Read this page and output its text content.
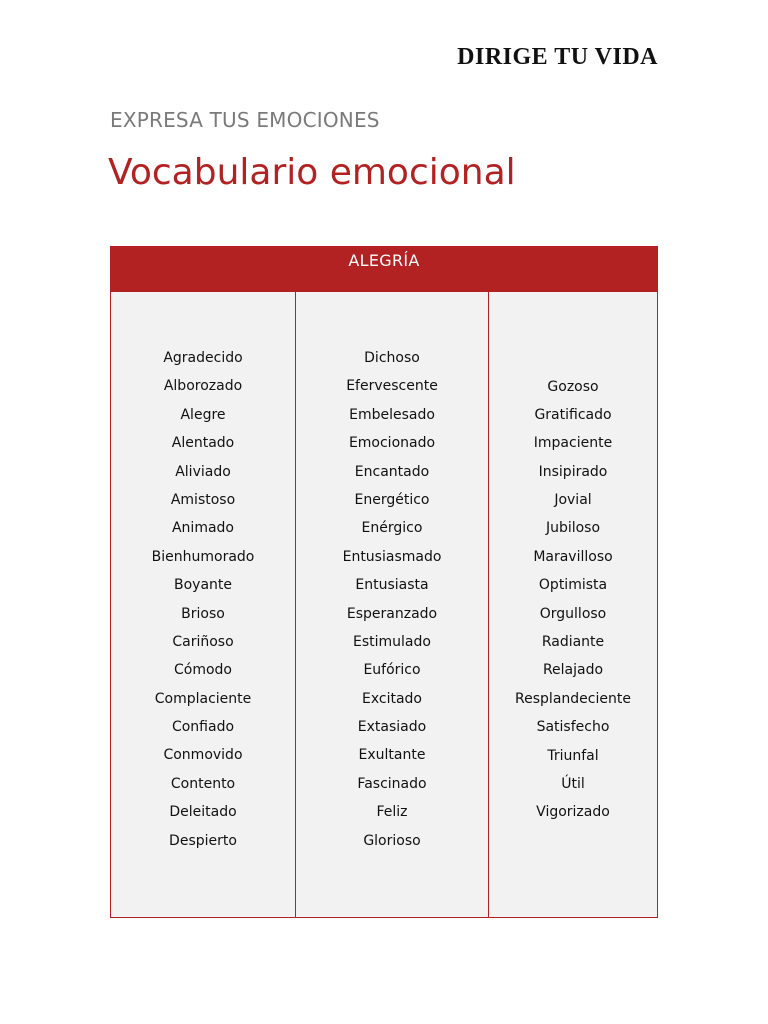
DIRIGE TU VIDA
EXPRESA TUS EMOCIONES
Vocabulario emocional
ALEGRÍA
Agradecido
Alborozado
Alegre
Alentado
Aliviado
Amistoso
Animado
Bienhumorado
Boyante
Brioso
Cariñoso
Cómodo
Complaciente
Confiado
Conmovido
Contento
Deleitado
Despierto
Dichoso
Efervescente
Embelesado
Emocionado
Encantado
Energético
Enérgico
Entusiasmado
Entusiasta
Esperanzado
Estimulado
Eufórico
Excitado
Extasiado
Exultante
Fascinado
Feliz
Glorioso
Gozoso
Gratificado
Impaciente
Insipirado
Jovial
Jubiloso
Maravilloso
Optimista
Orgulloso
Radiante
Relajado
Resplandeciente
Satisfecho
Triunfal
Útil
Vigorizado
